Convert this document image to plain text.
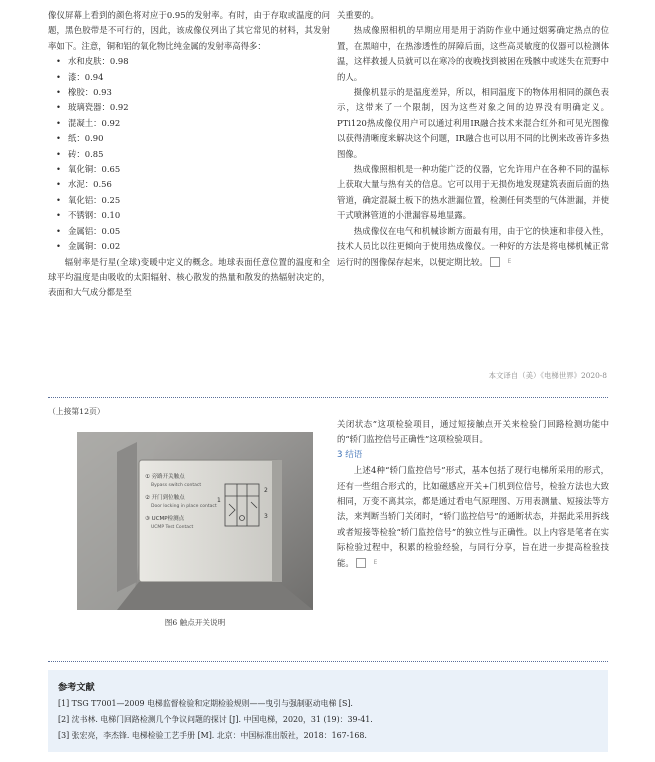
像仪屏幕上看到的颜色将对应于0.95的发射率。有时，由于存取或温度的问题，黑色胶带是不可行的，因此，该成像仪列出了其它常见的材料，其发射率如下。注意，铜和铝的氧化物比纯金属的发射率高得多：

• 水和皮肤：0.98
• 漆：0.94
• 橡胶：0.93
• 玻璃瓷器：0.92
• 混凝土：0.92
• 纸：0.90
• 砖：0.85
• 氧化铜：0.65
• 水泥：0.56
• 氧化铝：0.25
• 不锈钢：0.10
• 金属铝：0.05
• 金属铜：0.02

辐射率是行星(全球)变暖中定义的概念。地球表面任意位置的温度和全球平均温度是由吸收的太阳辐射、核心散发的热量和散发的热辐射决定的，表面和大气成分都是至

关重要的。

热成像照相机的早期应用是用于消防作业中通过烟雾确定热点的位置，在黑暗中，在热渗透性的屏障后面，这些高灵敏度的仪器可以检测体温，这样救援人员就可以在寒冷的夜晚找到被困在残骸中或迷失在荒野中的人。

摄像机显示的是温度差异，所以，相同温度下的物体用相同的颜色表示，这带来了一个限制，因为这些对象之间的边界没有明确定义。PTi120热成像仪用户可以通过利用IR融合技术来混合红外和可见光图像以获得清晰度来解决这个问题，IR融合也可以用不同的比例来改善许多热图像。

热成像照相机是一种功能广泛的仪器，它允许用户在各种不同的温标上获取大量与热有关的信息。它可以用于无损伤地发现建筑表面后面的热管道，确定混凝土板下的热水泄漏位置，检测任何类型的气体泄漏，并使干式喷淋管道的小泄漏容易地显露。

热成像仪在电气和机械诊断方面最有用，由于它的快速和非侵入性，技术人员比以往更倾向于使用热成像仪。一种好的方法是将电梯机械正常运行时的图像保存起来，以便定期比较。	E

本文译自（美）《电梯世界》2020-8
（上接第12页）
① 旁路开关触点
Bypass switch contact
② 开门到位触点
Door locking in place contact
③ UCMP检测点
UCMP Test Contact
1
2
3
图6 触点开关说明

关闭状态”这项检验项目，通过短接触点开关来检验门回路检测功能中的“轿门监控信号正确性”这项检验项目。

3 结语

上述4种“轿门监控信号”形式，基本包括了现行电梯所采用的形式，还有一些组合形式的，比如磁感应开关+门机到位信号，检验方法也大致相同，万变不离其宗，都是通过看电气原理图、万用表测量、短接法等方法，来判断当轿门关闭时，“轿门监控信号”的通断状态，并据此采用拆线或者短接等检验“轿门监控信号”的独立性与正确性。以上内容是笔者在实际检验过程中，积累的检验经验，与同行分享，旨在进一步提高检验技能。	E

参考文献
[1] TSG T7001—2009 电梯监督检验和定期检验规则——曳引与强制驱动电梯 [S].
[2] 沈书林. 电梯门回路检测几个争议问题的探讨 [J]. 中国电梯，2020，31 (19)：39-41.
[3] 张宏亮，李杰锋. 电梯检验工艺手册 [M]. 北京：中国标准出版社，2018：167-168.
